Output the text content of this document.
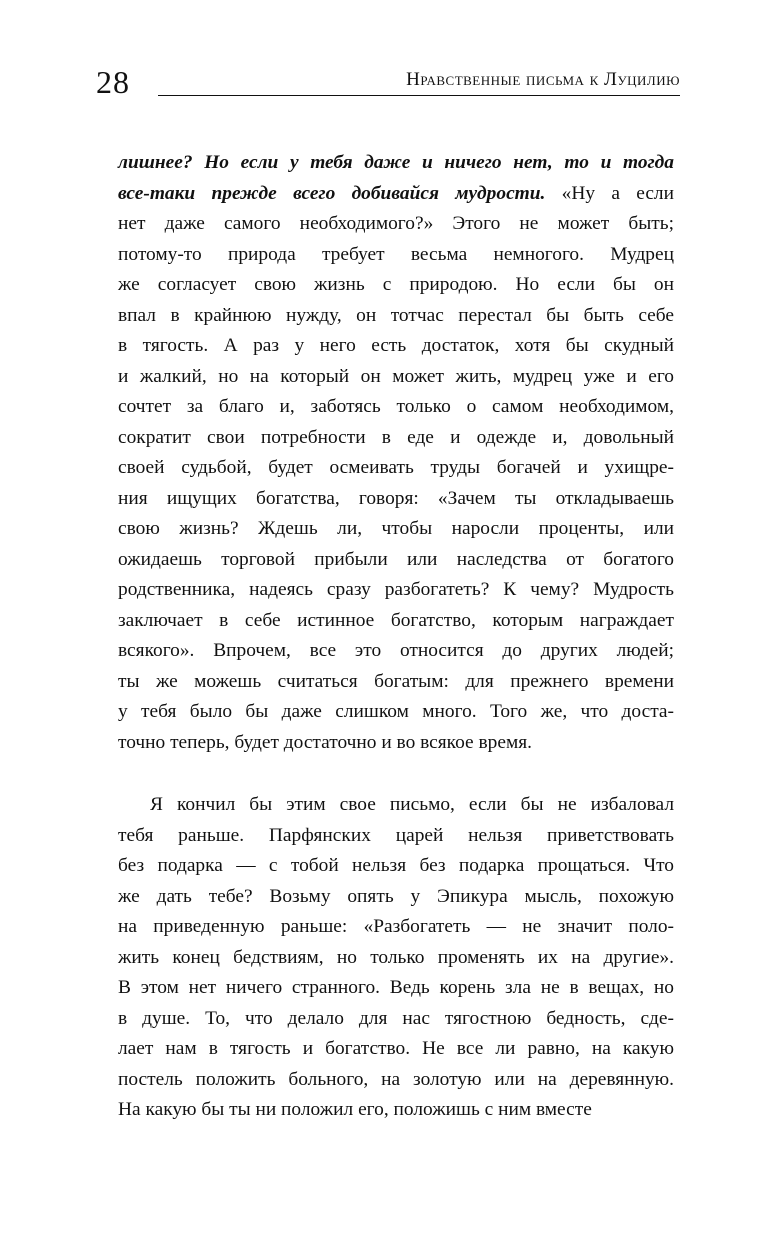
28	Нравственные письма к Луцилию
лишнее? Но если у тебя даже и ничего нет, то и тогда
все-таки прежде всего добивайся мудрости. «Ну а если
нет даже самого необходимого?» Этого не может быть;
потому-то природа требует весьма немногого. Мудрец
же согласует свою жизнь с природою. Но если бы он
впал в крайнюю нужду, он тотчас перестал бы быть себе
в тягость. А раз у него есть достаток, хотя бы скудный
и жалкий, но на который он может жить, мудрец уже и его
сочтет за благо и, заботясь только о самом необходимом,
сократит свои потребности в еде и одежде и, довольный
своей судьбой, будет осмеивать труды богачей и ухищре-
ния ищущих богатства, говоря: «Зачем ты откладываешь
свою жизнь? Ждешь ли, чтобы наросли проценты, или
ожидаешь торговой прибыли или наследства от богатого
родственника, надеясь сразу разбогатеть? К чему? Мудрость
заключает в себе истинное богатство, которым награждает
всякого». Впрочем, все это относится до других людей;
ты же можешь считаться богатым: для прежнего времени
у тебя было бы даже слишком много. Того же, что доста-
точно теперь, будет достаточно и во всякое время.
Я кончил бы этим свое письмо, если бы не избаловал
тебя раньше. Парфянских царей нельзя приветствовать
без подарка — с тобой нельзя без подарка прощаться. Что
же дать тебе? Возьму опять у Эпикура мысль, похожую
на приведенную раньше: «Разбогатеть — не значит поло-
жить конец бедствиям, но только променять их на другие».
В этом нет ничего странного. Ведь корень зла не в вещах, но
в душе. То, что делало для нас тягостною бедность, сде-
лает нам в тягость и богатство. Не все ли равно, на какую
постель положить больного, на золотую или на деревянную.
На какую бы ты ни положил его, положишь с ним вместе
